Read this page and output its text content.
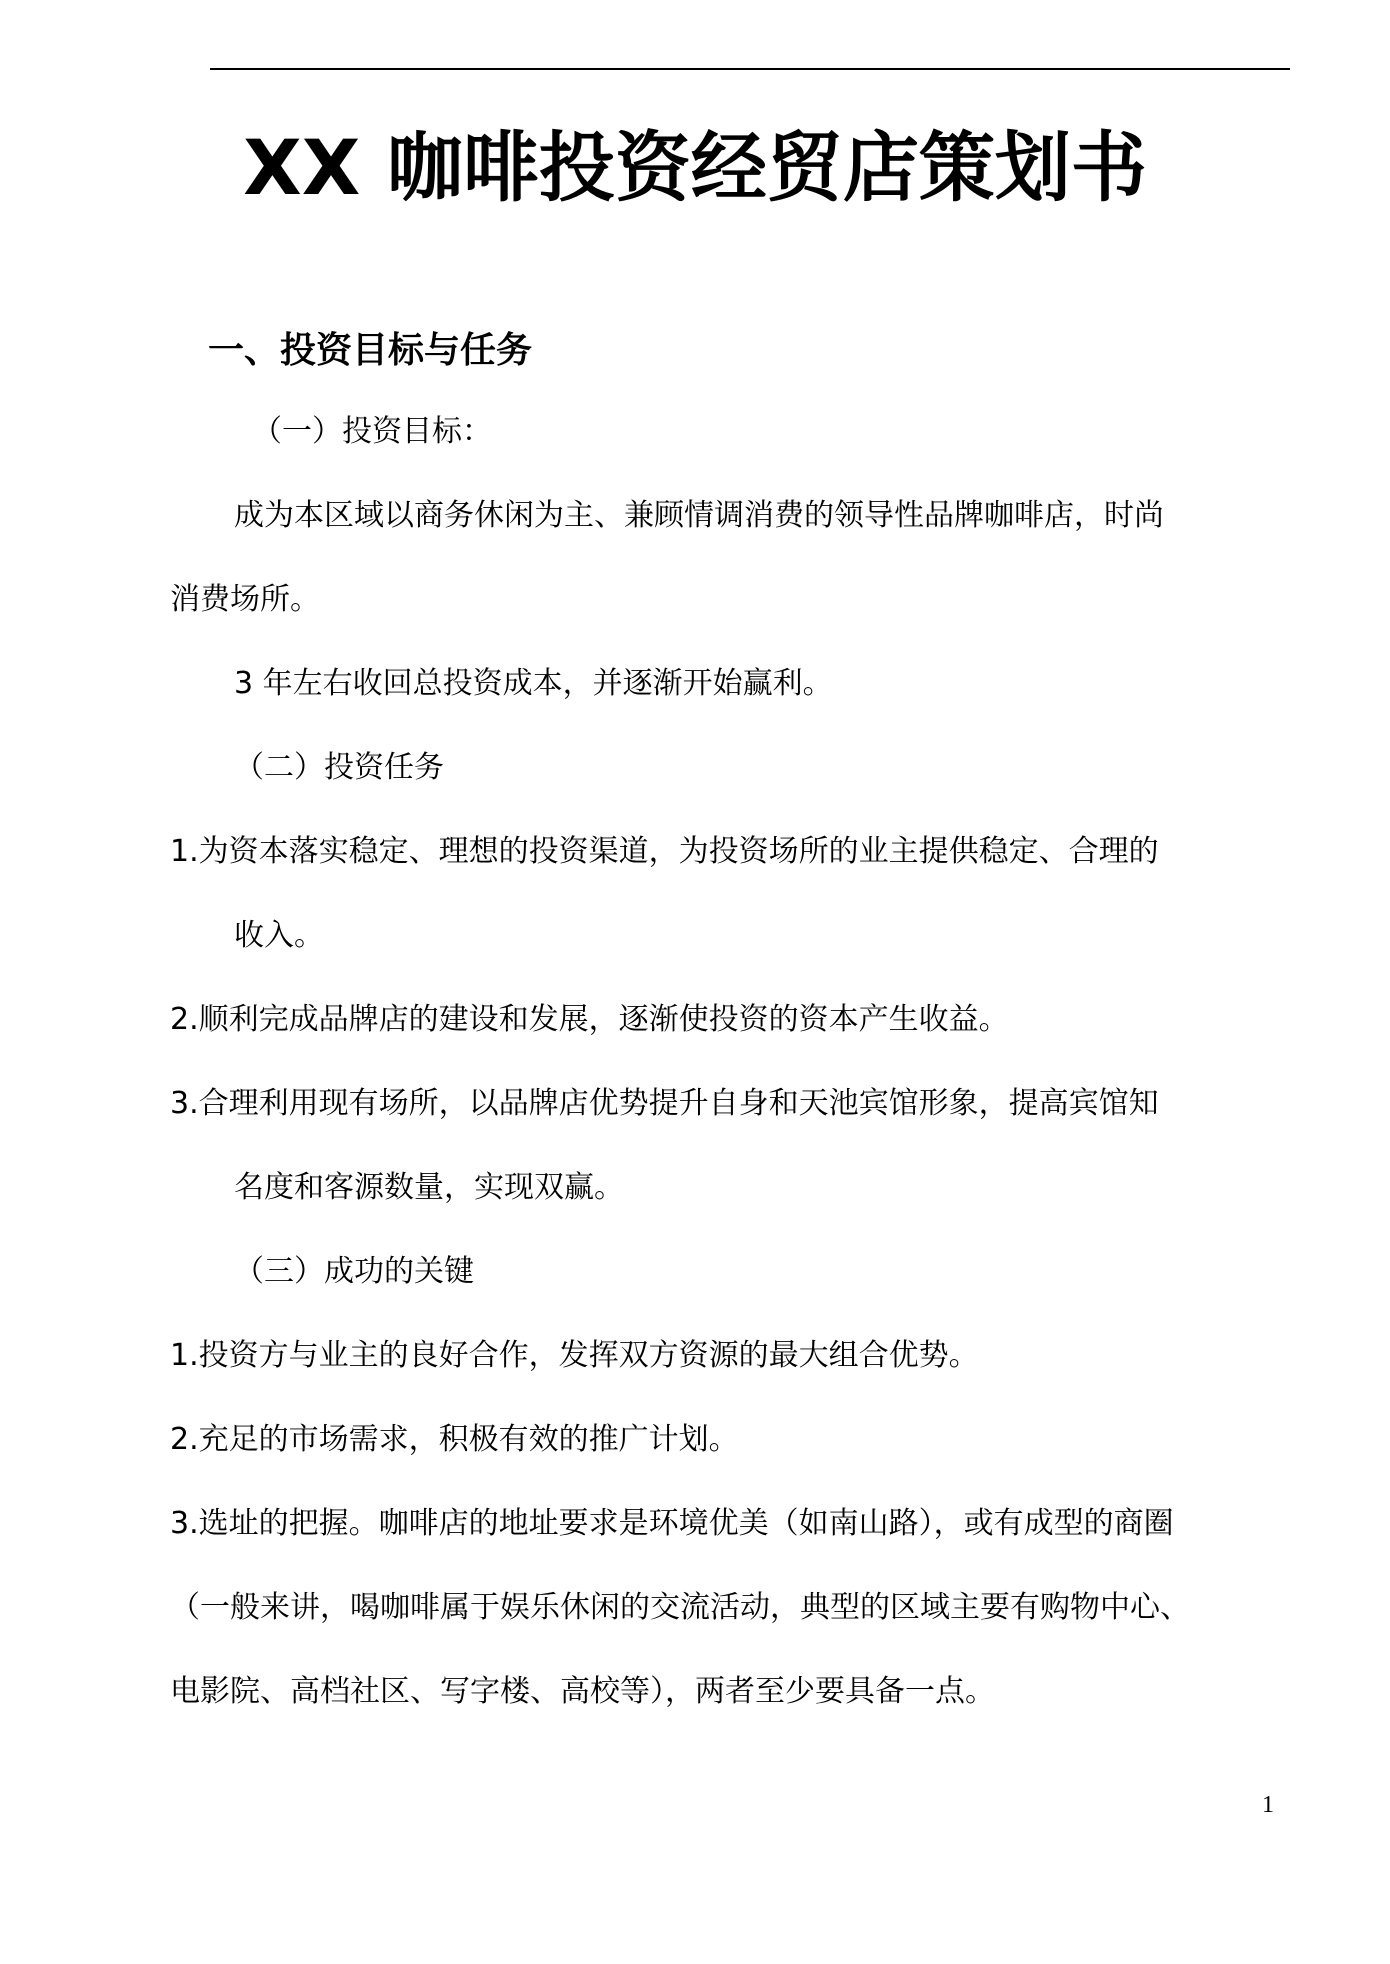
XX 咖啡投资经贸店策划书
一、投资目标与任务
（一）投资目标：
成为本区域以商务休闲为主、兼顾情调消费的领导性品牌咖啡店，时尚
消费场所。
3 年左右收回总投资成本，并逐渐开始赢利。
（二）投资任务
1.为资本落实稳定、理想的投资渠道，为投资场所的业主提供稳定、合理的
收入。
2.顺利完成品牌店的建设和发展，逐渐使投资的资本产生收益。
3.合理利用现有场所，以品牌店优势提升自身和天池宾馆形象，提高宾馆知
名度和客源数量，实现双赢。
（三）成功的关键
1.投资方与业主的良好合作，发挥双方资源的最大组合优势。
2.充足的市场需求，积极有效的推广计划。
3.选址的把握。咖啡店的地址要求是环境优美（如南山路），或有成型的商圈
（一般来讲，喝咖啡属于娱乐休闲的交流活动，典型的区域主要有购物中心、
电影院、高档社区、写字楼、高校等），两者至少要具备一点。
1
